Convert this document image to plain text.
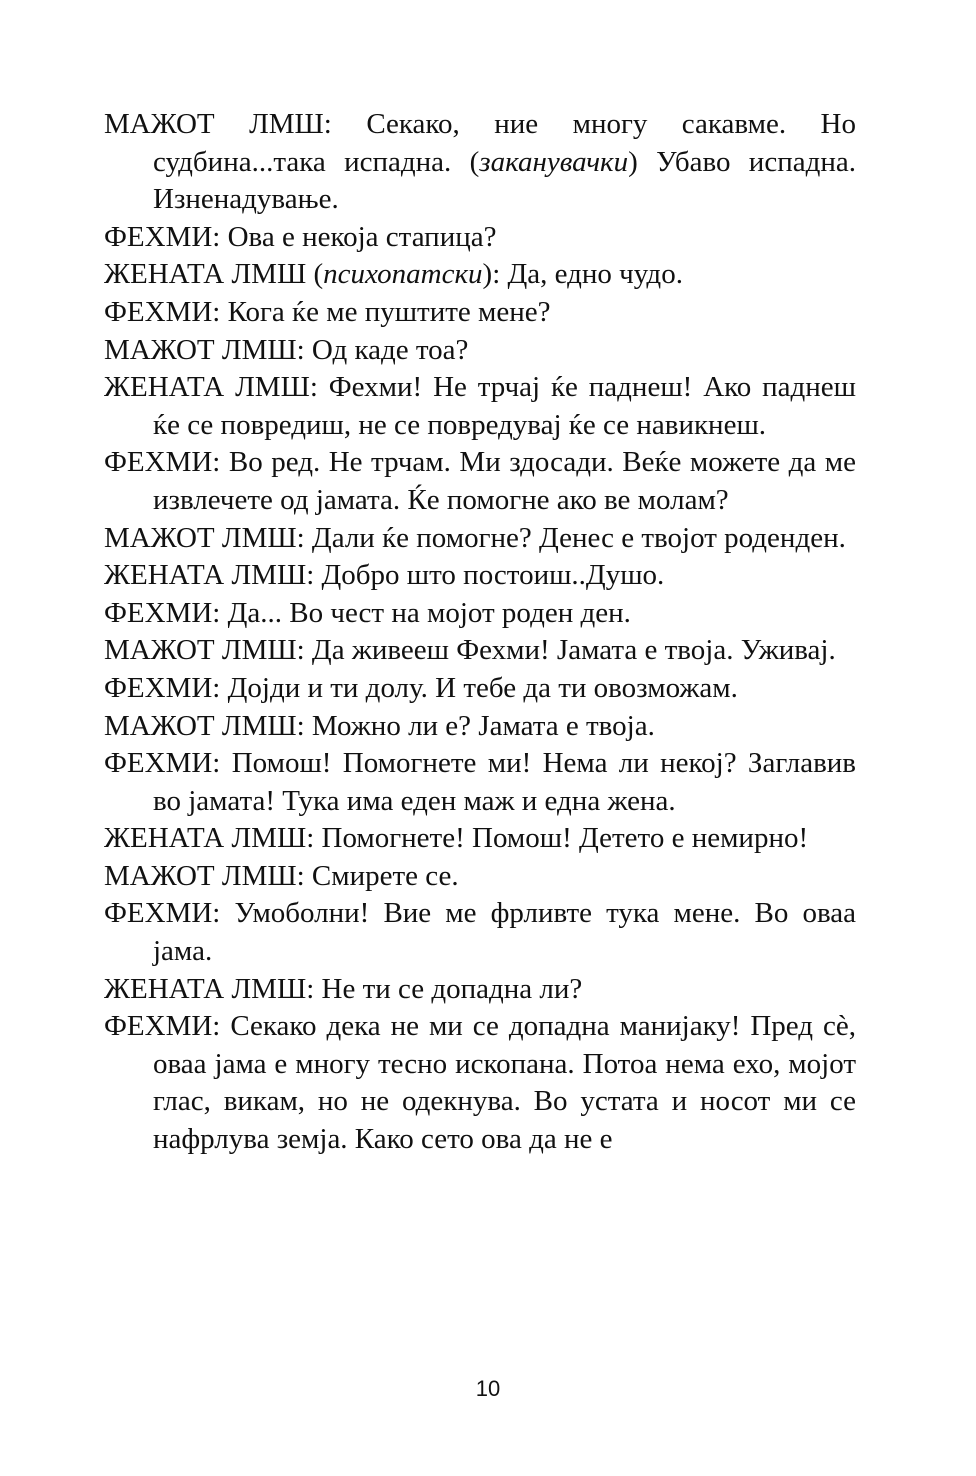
МАЖОТ ЛМШ: Секако, ние многу сакавме. Но судбина...така испадна. (заканувачки) Убаво испадна. Изненадување.

ФЕХМИ: Ова е некоја стапица?

ЖЕНАТА ЛМШ (психопатски): Да, едно чудо.

ФЕХМИ: Кога ќе ме пуштите мене?

МАЖОТ ЛМШ: Од каде тоа?

ЖЕНАТА ЛМШ: Фехми! Не трчај ќе паднеш! Ако паднеш ќе се повредиш, не се повредувај ќе се навикнеш.

ФЕХМИ: Во ред. Не трчам. Ми здосади. Веќе можете да ме извлечете од јамата. Ќе помогне ако ве молам?

МАЖОТ ЛМШ: Дали ќе помогне? Денес е твојот роденден.

ЖЕНАТА ЛМШ: Добро што постоиш..Душо.

ФЕХМИ: Да... Во чест на мојот роден ден.

МАЖОТ ЛМШ: Да живееш Фехми! Јамата е твоја. Уживај.

ФЕХМИ: Дојди и ти долу. И тебе да ти овозможам.

МАЖОТ ЛМШ: Можно ли е? Јамата е твоја.

ФЕХМИ: Помош! Помогнете ми! Нема ли некој? Заглавив во јамата! Тука има еден маж и една жена.

ЖЕНАТА ЛМШ: Помогнете! Помош! Детето е немирно!

МАЖОТ ЛМШ: Смирете се.

ФЕХМИ: Умоболни! Вие ме фрливте тука мене. Во оваа јама.

ЖЕНАТА ЛМШ: Не ти се допадна ли?

ФЕХМИ: Секако дека не ми се допадна манијаку! Пред сè, оваа јама е многу тесно ископана. Потоа нема ехо, мојот глас, викам, но не одекнува. Во устата и носот ми се нафрлува земја. Како сето ова да не е

10
